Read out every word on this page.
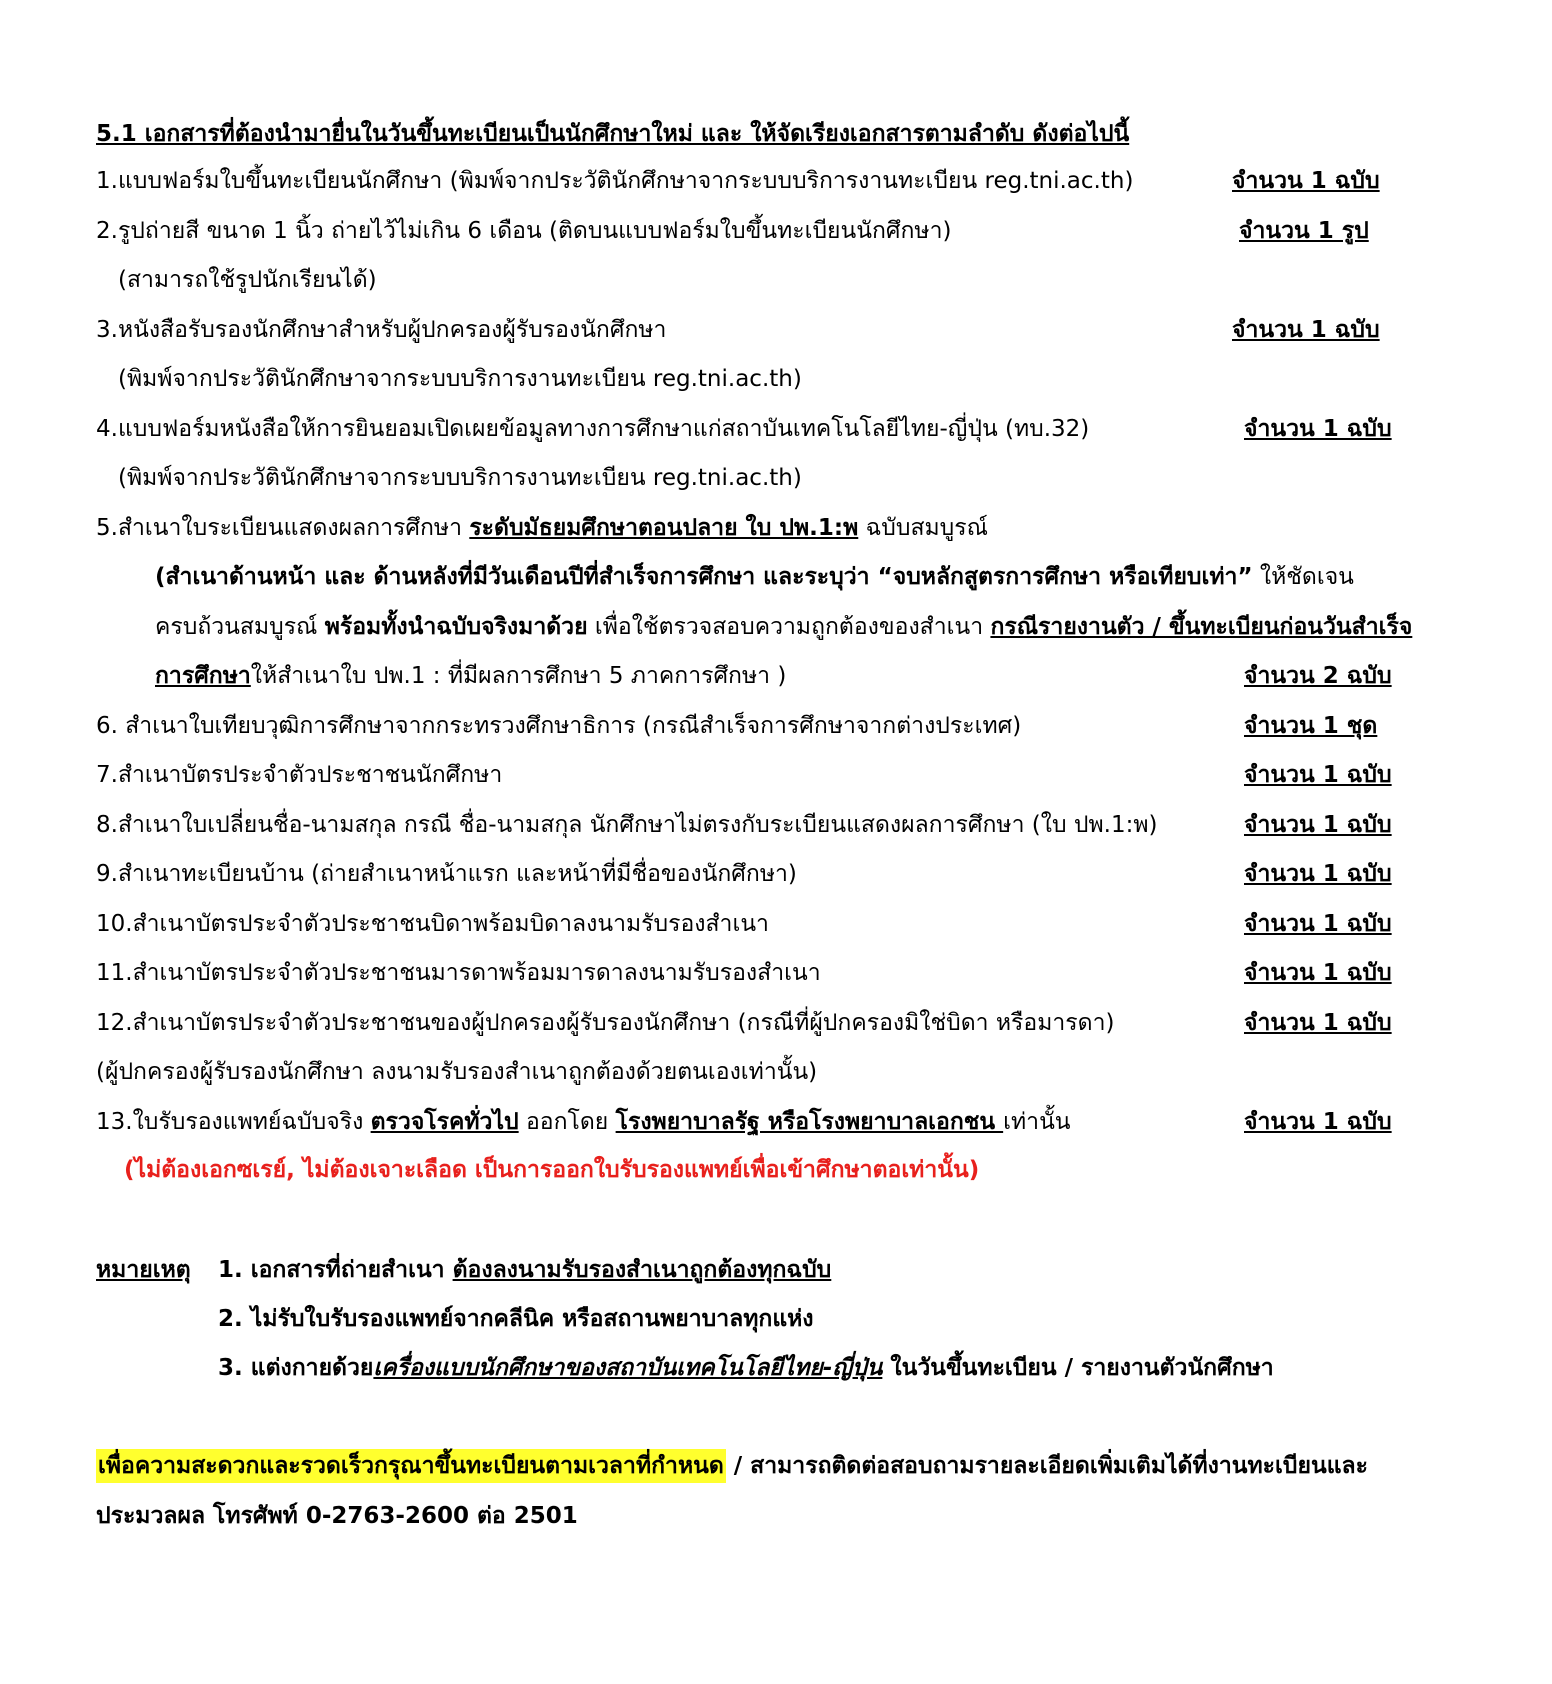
5.1 เอกสารที่ต้องนำมายื่นในวันขึ้นทะเบียนเป็นนักศึกษาใหม่ และ ให้จัดเรียงเอกสารตามลำดับ ดังต่อไปนี้
1.แบบฟอร์มใบขึ้นทะเบียนนักศึกษา (พิมพ์จากประวัตินักศึกษาจากระบบบริการงานทะเบียน reg.tni.ac.th)	จำนวน 1 ฉบับ
2.รูปถ่ายสี ขนาด 1 นิ้ว ถ่ายไว้ไม่เกิน 6 เดือน (ติดบนแบบฟอร์มใบขึ้นทะเบียนนักศึกษา)	จำนวน 1 รูป
(สามารถใช้รูปนักเรียนได้)
3.หนังสือรับรองนักศึกษาสำหรับผู้ปกครองผู้รับรองนักศึกษา	จำนวน 1 ฉบับ
(พิมพ์จากประวัตินักศึกษาจากระบบบริการงานทะเบียน reg.tni.ac.th)
4.แบบฟอร์มหนังสือให้การยินยอมเปิดเผยข้อมูลทางการศึกษาแก่สถาบันเทคโนโลยีไทย-ญี่ปุ่น (ทบ.32)	จำนวน 1 ฉบับ
(พิมพ์จากประวัตินักศึกษาจากระบบบริการงานทะเบียน reg.tni.ac.th)
5.สำเนาใบระเบียนแสดงผลการศึกษา ระดับมัธยมศึกษาตอนปลาย ใบ ปพ.1:พ ฉบับสมบูรณ์
(สำเนาด้านหน้า และ ด้านหลังที่มีวันเดือนปีที่สำเร็จการศึกษา และระบุว่า “จบหลักสูตรการศึกษา หรือเทียบเท่า” ให้ชัดเจน
ครบถ้วนสมบูรณ์ พร้อมทั้งนำฉบับจริงมาด้วย เพื่อใช้ตรวจสอบความถูกต้องของสำเนา กรณีรายงานตัว / ขึ้นทะเบียนก่อนวันสำเร็จ
การศึกษาให้สำเนาใบ ปพ.1 : ที่มีผลการศึกษา 5 ภาคการศึกษา )	จำนวน 2 ฉบับ
6. สำเนาใบเทียบวุฒิการศึกษาจากกระทรวงศึกษาธิการ (กรณีสำเร็จการศึกษาจากต่างประเทศ)	จำนวน 1 ชุด
7.สำเนาบัตรประจำตัวประชาชนนักศึกษา	จำนวน 1 ฉบับ
8.สำเนาใบเปลี่ยนชื่อ-นามสกุล กรณี ชื่อ-นามสกุล นักศึกษาไม่ตรงกับระเบียนแสดงผลการศึกษา (ใบ ปพ.1:พ)	จำนวน 1 ฉบับ
9.สำเนาทะเบียนบ้าน (ถ่ายสำเนาหน้าแรก และหน้าที่มีชื่อของนักศึกษา)	จำนวน 1 ฉบับ
10.สำเนาบัตรประจำตัวประชาชนบิดาพร้อมบิดาลงนามรับรองสำเนา	จำนวน 1 ฉบับ
11.สำเนาบัตรประจำตัวประชาชนมารดาพร้อมมารดาลงนามรับรองสำเนา	จำนวน 1 ฉบับ
12.สำเนาบัตรประจำตัวประชาชนของผู้ปกครองผู้รับรองนักศึกษา (กรณีที่ผู้ปกครองมิใช่บิดา หรือมารดา)	จำนวน 1 ฉบับ
(ผู้ปกครองผู้รับรองนักศึกษา ลงนามรับรองสำเนาถูกต้องด้วยตนเองเท่านั้น)
13.ใบรับรองแพทย์ฉบับจริง ตรวจโรคทั่วไป ออกโดย โรงพยาบาลรัฐ หรือโรงพยาบาลเอกชน เท่านั้น	จำนวน 1 ฉบับ
(ไม่ต้องเอกซเรย์, ไม่ต้องเจาะเลือด เป็นการออกใบรับรองแพทย์เพื่อเข้าศึกษาตอเท่านั้น)
หมายเหตุ 1. เอกสารที่ถ่ายสำเนา ต้องลงนามรับรองสำเนาถูกต้องทุกฉบับ
2. ไม่รับใบรับรองแพทย์จากคลีนิค หรือสถานพยาบาลทุกแห่ง
3. แต่งกายด้วยเครื่องแบบนักศึกษาของสถาบันเทคโนโลยีไทย-ญี่ปุ่น ในวันขึ้นทะเบียน / รายงานตัวนักศึกษา
เพื่อความสะดวกและรวดเร็วกรุณาขึ้นทะเบียนตามเวลาที่กำหนด / สามารถติดต่อสอบถามรายละเอียดเพิ่มเติมได้ที่งานทะเบียนและ
ประมวลผล โทรศัพท์ 0-2763-2600 ต่อ 2501
